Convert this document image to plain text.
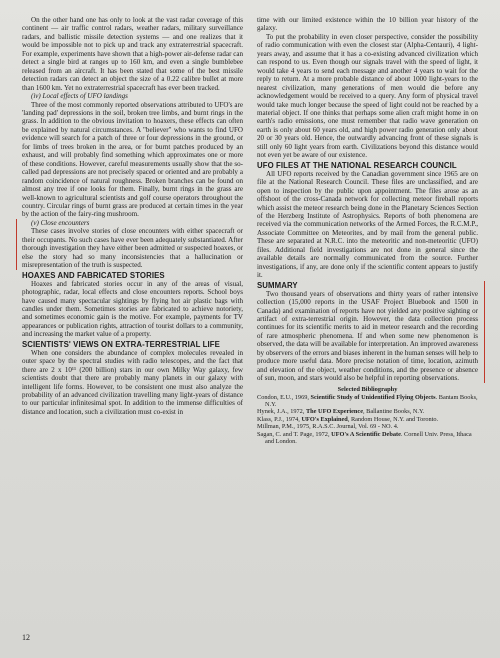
On the other hand one has only to look at the vast radar coverage of this continent — air traffic control radars, weather radars, military surveillance radars, and ballistic missile detection systems — and one realizes that it would be impossible not to pick up and track any extraterrestrial spacecraft. For example, experiments have shown that a high-power air-defense radar can detect a single bird at ranges up to 160 km, and even a single bumblebee released from an aircraft. It has been stated that some of the best missile detection radars can detect an object the size of a 0.22 calibre bullet at more than 1600 km. Yet no extraterrestrial spacecraft has ever been tracked.

(iv) Local effects of UFO landings

Three of the most commonly reported observations attributed to UFO's are 'landing pad' depressions in the soil, broken tree limbs, and burnt rings in the grass. In addition to the obvious invitation to hoaxers, these effects can often be explained by natural circumstances. A "believer" who wants to find UFO evidence will search for a patch of three or four depressions in the ground, or for limbs of trees broken in the area, or for burnt patches produced by an exhaust, and will probably find something which approximates one or more of these conditions. However, careful measurements usually show that the so-called pad depressions are not precisely spaced or oriented and are probably a random coincidence of natural roughness. Broken branches can be found on almost any tree if one looks for them. Finally, burnt rings in the grass are well-known to agricultural scientists and golf course operators throughout the country. Circular rings of burnt grass are produced at certain times in the year by the action of the fairy-ring mushroom.

(v) Close encounters

These cases involve stories of close encounters with either spacecraft or their occupants. No such cases have ever been adequately substantiated. After thorough investigation they have either been admitted or suspected hoaxes, or else the story had so many inconsistencies that a hallucination or misrepresentation of the truth is suspected.

HOAXES AND FABRICATED STORIES

Hoaxes and fabricated stories occur in any of the areas of visual, photographic, radar, local effects and close encounters reports. School boys have caused many spectacular sightings by flying hot air plastic bags with candles under them. Sometimes stories are fabricated to achieve notoriety, and sometimes economic gain is the motive. For example, payments for TV appearances or publication rights, attraction of tourist dollars to a community, and increasing the market value of a property.

SCIENTISTS' VIEWS ON EXTRA-TERRESTRIAL LIFE

When one considers the abundance of complex molecules revealed in outer space by the spectral studies with radio telescopes, and the fact that there are 2 x 10¹¹ (200 billion) stars in our own Milky Way galaxy, few scientists doubt that there are probably many planets in our galaxy with intelligent life forms. However, to be consistent one must also analyze the probability of an advanced civilization travelling many light-years of distance to our particular infinitesimal spot. In addition to the immense difficulties of distance and location, such a civilization must co-exist in

time with our limited existence within the 10 billion year history of the galaxy.

To put the probability in even closer perspective, consider the possibility of radio communication with even the closest star (Alpha-Centauri), 4 light-years away, and assume that it has a co-existing advanced civilization which can respond to us. Even though our signals travel with the speed of light, it would take 4 years to send each message and another 4 years to wait for the reply to return. At a more probable distance of about 1000 light-years to the nearest civilization, many generations of men would die before any acknowledgement would be received to a query. Any form of physical travel would take much longer because the speed of light could not be reached by a material object. If one thinks that perhaps some alien craft might home in on earth's radio emissions, one must remember that radio wave generation on earth is only about 60 years old, and high power radio generation only about 20 or 30 years old. Hence, the outwardly advancing front of these signals is still only 60 light years from earth. Civilizations beyond this distance would not even yet be aware of our existence.

UFO FILES AT THE NATIONAL RESEARCH COUNCIL

All UFO reports received by the Canadian government since 1965 are on file at the National Research Council. These files are unclassified, and are open to inspection by the public upon appointment. The files arose as an offshoot of the cross-Canada network for collecting meteor fireball reports which assist the meteor research being done in the Planetary Sciences Section of the Herzberg Institute of Astrophysics. Reports of both phenomena are received via the communication networks of the Armed Forces, the R.C.M.P., Associate Committee on Meteorites, and by mail from the general public. These are separated at N.R.C. into the meteoritic and non-meteoritic (UFO) files. Additional field investigations are not done in general since the available details are normally communicated from the source. Further investigations, if any, are done only if the scientific content appears to justify it.

SUMMARY

Two thousand years of observations and thirty years of rather intensive collection (15,000 reports in the USAF Project Bluebook and 1500 in Canada) and examination of reports have not yielded any positive sighting or artifact of extra-terrestrial origin. However, the data collection process continues for its scientific merits to aid in meteor research and the recording of rare atmospheric phenomena. If and when some new phenomenon is observed, the data will be available for interpretation. An improved awareness by observers of the errors and biases inherent in the human senses will help to produce more useful data. More precise notation of time, location, azimuth and elevation of the object, weather conditions, and the presence or absence of sun, moon, and stars would also be helpful in reporting observations.

Selected Bibliography

Condon, E.U., 1969, Scientific Study of Unidentified Flying Objects. Bantam Books, N.Y.

Hynek, J.A., 1972, The UFO Experience, Ballantine Books, N.Y.

Klass, P.J., 1974, UFO's Explained, Random House, N.Y. and Toronto.

Millman, P.M., 1975, R.A.S.C. Journal, Vol. 69 - NO. 4.

Sagan, C. and T. Page, 1972, UFO's A Scientific Debate. Cornell Univ. Press, Ithaca and London.

12
